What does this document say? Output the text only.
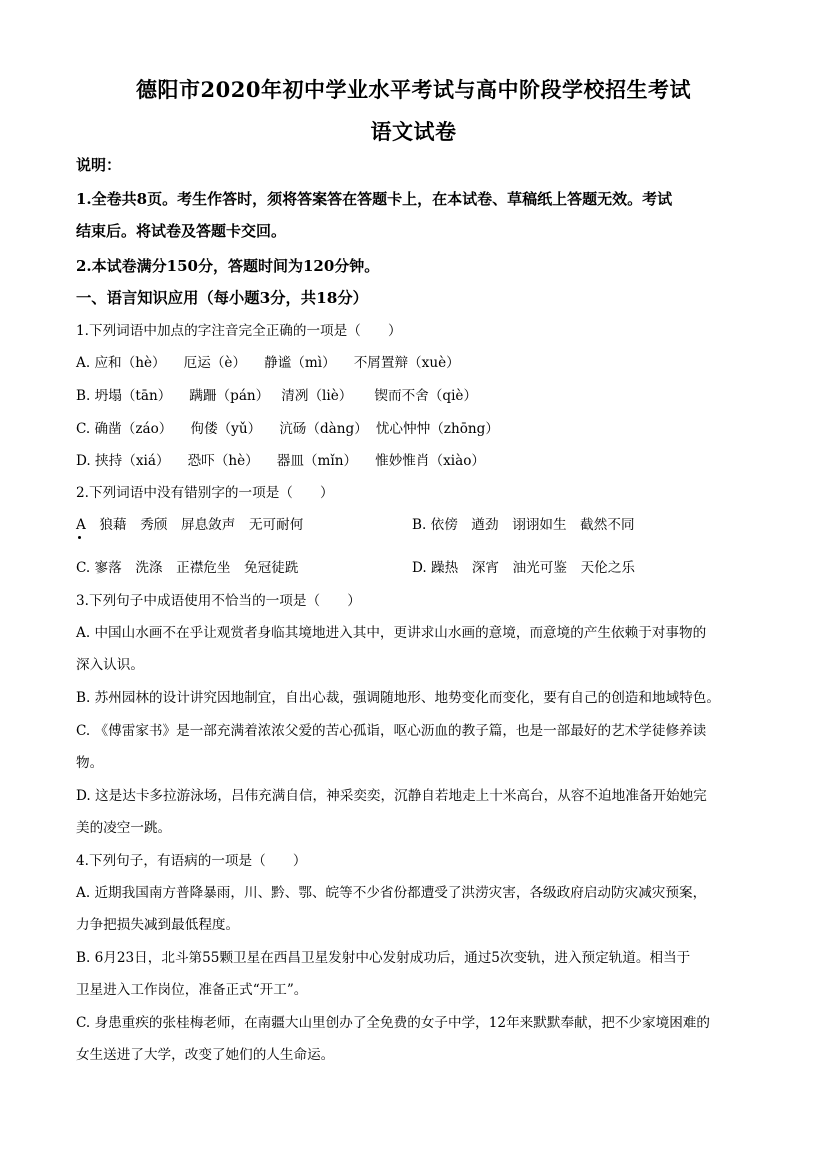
德阳市2020年初中学业水平考试与高中阶段学校招生考试
语文试卷
说明：
1.全卷共8页。考生作答时，须将答案答在答题卡上，在本试卷、草稿纸上答题无效。考试
结束后。将试卷及答题卡交回。
2.本试卷满分150分，答题时间为120分钟。
一、语言知识应用（每小题3分，共18分）
1.下列词语中加点的字注音完全正确的一项是（　　）
A. 应和（hè） 厄运（è） 静谧（mì） 不屑置辩（xuè）
B. 坍塌（tān） 蹒跚（pán） 清冽（liè） 锲而不舍（qiè）
C. 确凿（záo） 佝偻（yǔ） 沆砀（dàng） 忧心忡忡（zhōng）
D. 挟持（xiá） 恐吓（hè） 器皿（mǐn） 惟妙惟肖（xiào）
2.下列词语中没有错别字的一项是（　　）
A　狼藉　秀颀　屏息敛声　无可耐何	B. 依傍　遒劲　诩诩如生　截然不同
C. 寥落　洗涤　正襟危坐　免冠徒跣	D. 躁热　深宵　油光可鉴　天伦之乐
3.下列句子中成语使用不恰当的一项是（　　）
A. 中国山水画不在乎让观赏者身临其境地进入其中，更讲求山水画的意境，而意境的产生依赖于对事物的
深入认识。
B. 苏州园林的设计讲究因地制宜，自出心裁，强调随地形、地势变化而变化，要有自己的创造和地域特色。
C. 《傅雷家书》是一部充满着浓浓父爱的苦心孤诣，呕心沥血的教子篇，也是一部最好的艺术学徒修养读
物。
D. 这是达卡多拉游泳场，吕伟充满自信，神采奕奕，沉静自若地走上十米高台，从容不迫地准备开始她完
美的凌空一跳。
4.下列句子，有语病的一项是（　　）
A. 近期我国南方普降暴雨，川、黔、鄂、皖等不少省份都遭受了洪涝灾害，各级政府启动防灾减灾预案，
力争把损失减到最低程度。
B. 6月23日，北斗第55颗卫星在西昌卫星发射中心发射成功后，通过5次变轨，进入预定轨道。相当于
卫星进入工作岗位，准备正式“开工”。
C. 身患重疾的张桂梅老师，在南疆大山里创办了全免费的女子中学，12年来默默奉献，把不少家境困难的
女生送进了大学，改变了她们的人生命运。
